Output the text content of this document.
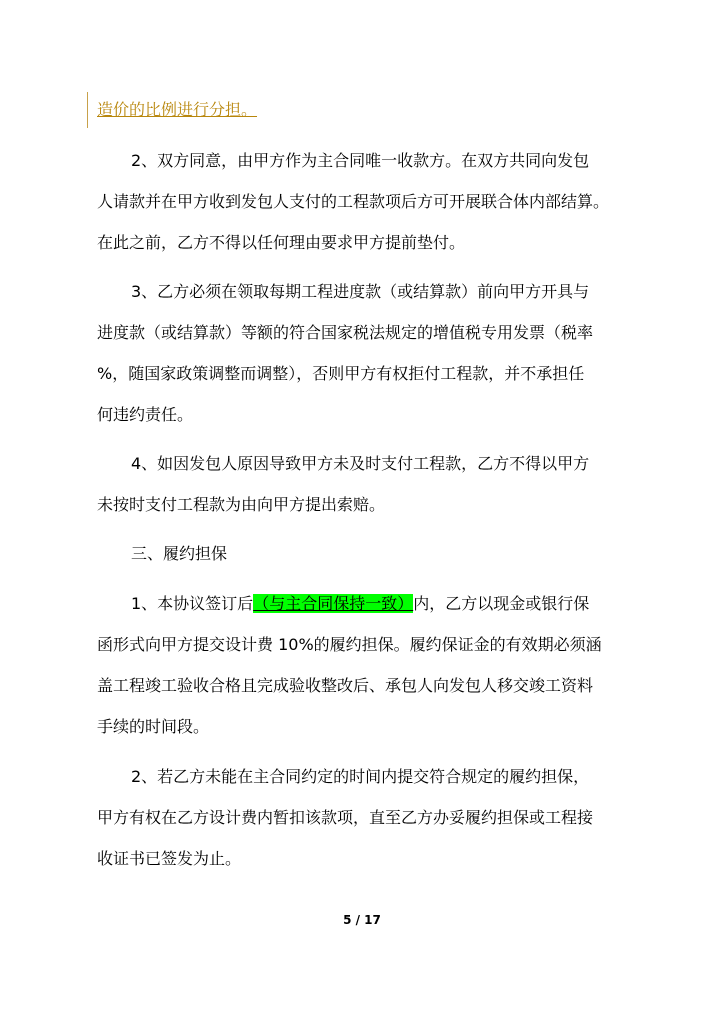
造价的比例进行分担。
2、双方同意，由甲方作为主合同唯一收款方。在双方共同向发包
人请款并在甲方收到发包人支付的工程款项后方可开展联合体内部结算。
在此之前，乙方不得以任何理由要求甲方提前垫付。
3、乙方必须在领取每期工程进度款（或结算款）前向甲方开具与
进度款（或结算款）等额的符合国家税法规定的增值税专用发票（税率
%，随国家政策调整而调整），否则甲方有权拒付工程款，并不承担任
何违约责任。
4、如因发包人原因导致甲方未及时支付工程款，乙方不得以甲方
未按时支付工程款为由向甲方提出索赔。
三、履约担保
1、本协议签订后（与主合同保持一致）内，乙方以现金或银行保
函形式向甲方提交设计费 10%的履约担保。履约保证金的有效期必须涵
盖工程竣工验收合格且完成验收整改后、承包人向发包人移交竣工资料
手续的时间段。
2、若乙方未能在主合同约定的时间内提交符合规定的履约担保，
甲方有权在乙方设计费内暂扣该款项，直至乙方办妥履约担保或工程接
收证书已签发为止。
5 / 17
